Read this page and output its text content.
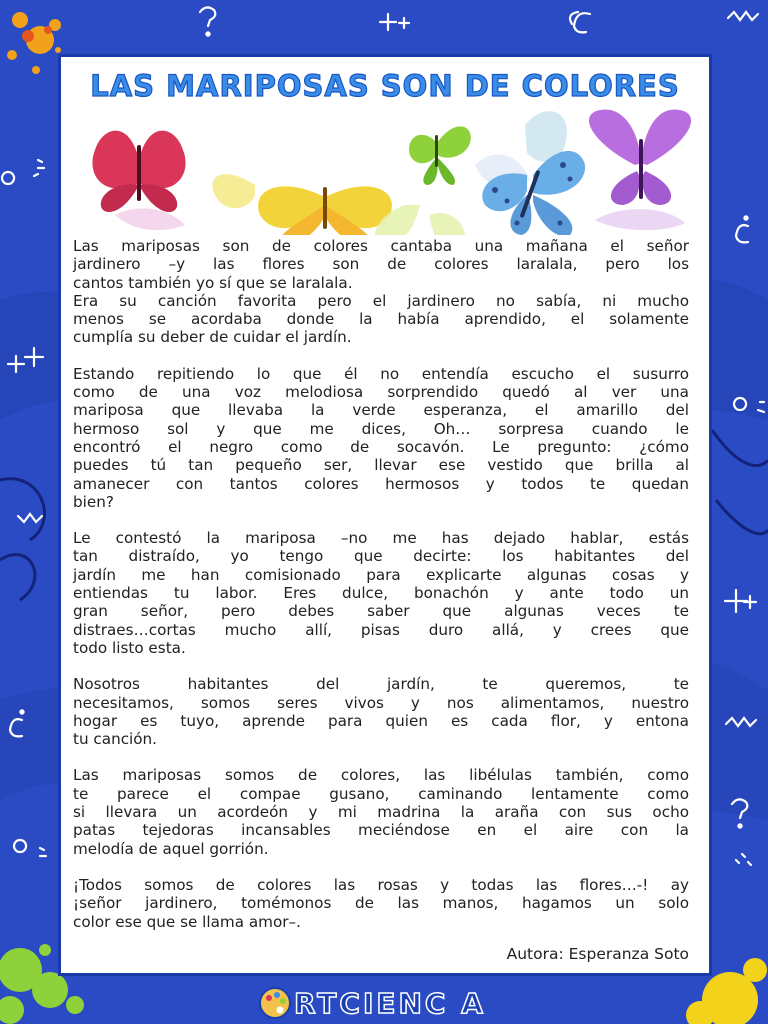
LAS MARIPOSAS SON DE COLORES

Las mariposas son de colores cantaba una mañana el señor
jardinero –y las flores son de colores laralala, pero los
cantos también yo sí que se laralala.
Era su canción favorita pero el jardinero no sabía, ni mucho
menos se acordaba donde la había aprendido, el solamente
cumplía su deber de cuidar el jardín.

Estando repitiendo lo que él no entendía escucho el susurro
como de una voz melodiosa sorprendido quedó al ver una
mariposa que llevaba la verde esperanza, el amarillo del
hermoso sol y que me dices, Oh… sorpresa cuando le
encontró el negro como de socavón. Le pregunto: ¿cómo
puedes tú tan pequeño ser, llevar ese vestido que brilla al
amanecer con tantos colores hermosos y todos te quedan
bien?

Le contestó la mariposa –no me has dejado hablar, estás
tan distraído, yo tengo que decirte: los habitantes del
jardín me han comisionado para explicarte algunas cosas y
entiendas tu labor. Eres dulce, bonachón y ante todo un
gran señor, pero debes saber que algunas veces te
distraes…cortas mucho allí, pisas duro allá, y crees que
todo listo esta.

Nosotros habitantes del jardín, te queremos, te
necesitamos, somos seres vivos y nos alimentamos, nuestro
hogar es tuyo, aprende para quien es cada flor, y entona
tu canción.

Las mariposas somos de colores, las libélulas también, como
te parece el compae gusano, caminando lentamente como
si llevara un acordeón y mi madrina la araña con sus ocho
patas tejedoras incansables meciéndose en el aire con la
melodía de aquel gorrión.

¡Todos somos de colores las rosas y todas las flores…-! ay
¡señor jardinero, tomémonos de las manos, hagamos un solo
color ese que se llama amor–.

Autora: Esperanza Soto
RTCIENC A
